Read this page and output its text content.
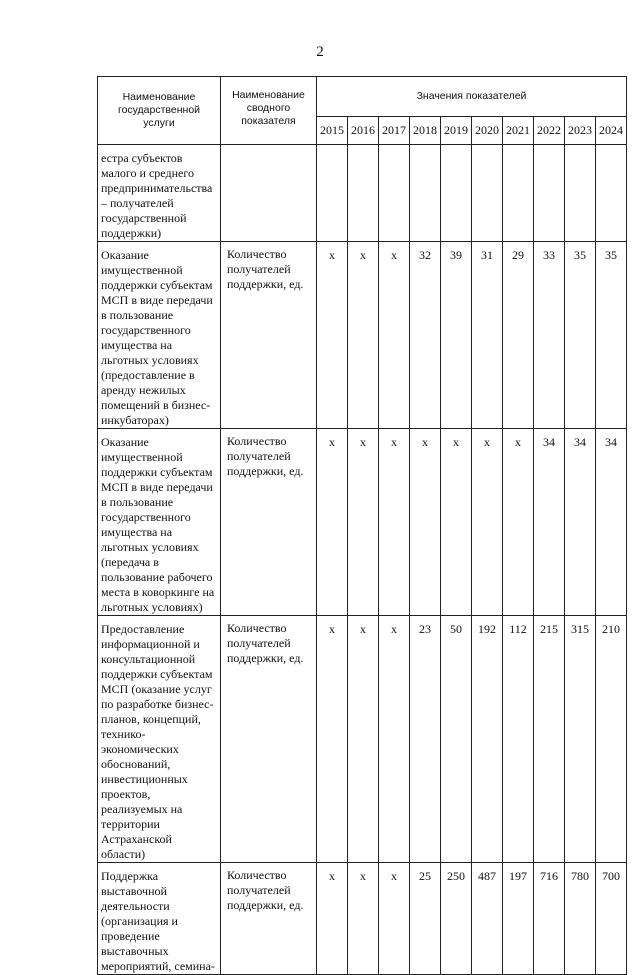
2
Наименование государственной услуги	Наименование сводного показателя	Значения показателей									
		2015	2016	2017	2018	2019	2020	2021	2022	2023	2024
естра субъектов малого и среднего предпринимательства – получателей государственной поддержки)											
Оказание имущественной поддержки субъектам МСП в виде передачи в пользование государственного имущества на льготных условиях (предоставление в аренду нежилых помещений в бизнес-инкубаторах)	Количество получателей поддержки, ед.	х	х	х	32	39	31	29	33	35	35
Оказание имущественной поддержки субъектам МСП в виде передачи в пользование государственного имущества на льготных условиях (передача в пользование рабочего места в коворкинге на льготных условиях)	Количество получателей поддержки, ед.	х	х	х	х	х	х	х	34	34	34
Предоставление информационной и консультационной поддержки субъектам МСП (оказание услуг по разработке бизнес-планов, концепций, технико-экономических обоснований, инвестиционных проектов, реализуемых на территории Астраханской области)	Количество получателей поддержки, ед.	х	х	х	23	50	192	112	215	315	210
Поддержка выставочной деятельности (организация и проведение выставочных мероприятий, семина-	Количество получателей поддержки, ед.	х	х	х	25	250	487	197	716	780	700
